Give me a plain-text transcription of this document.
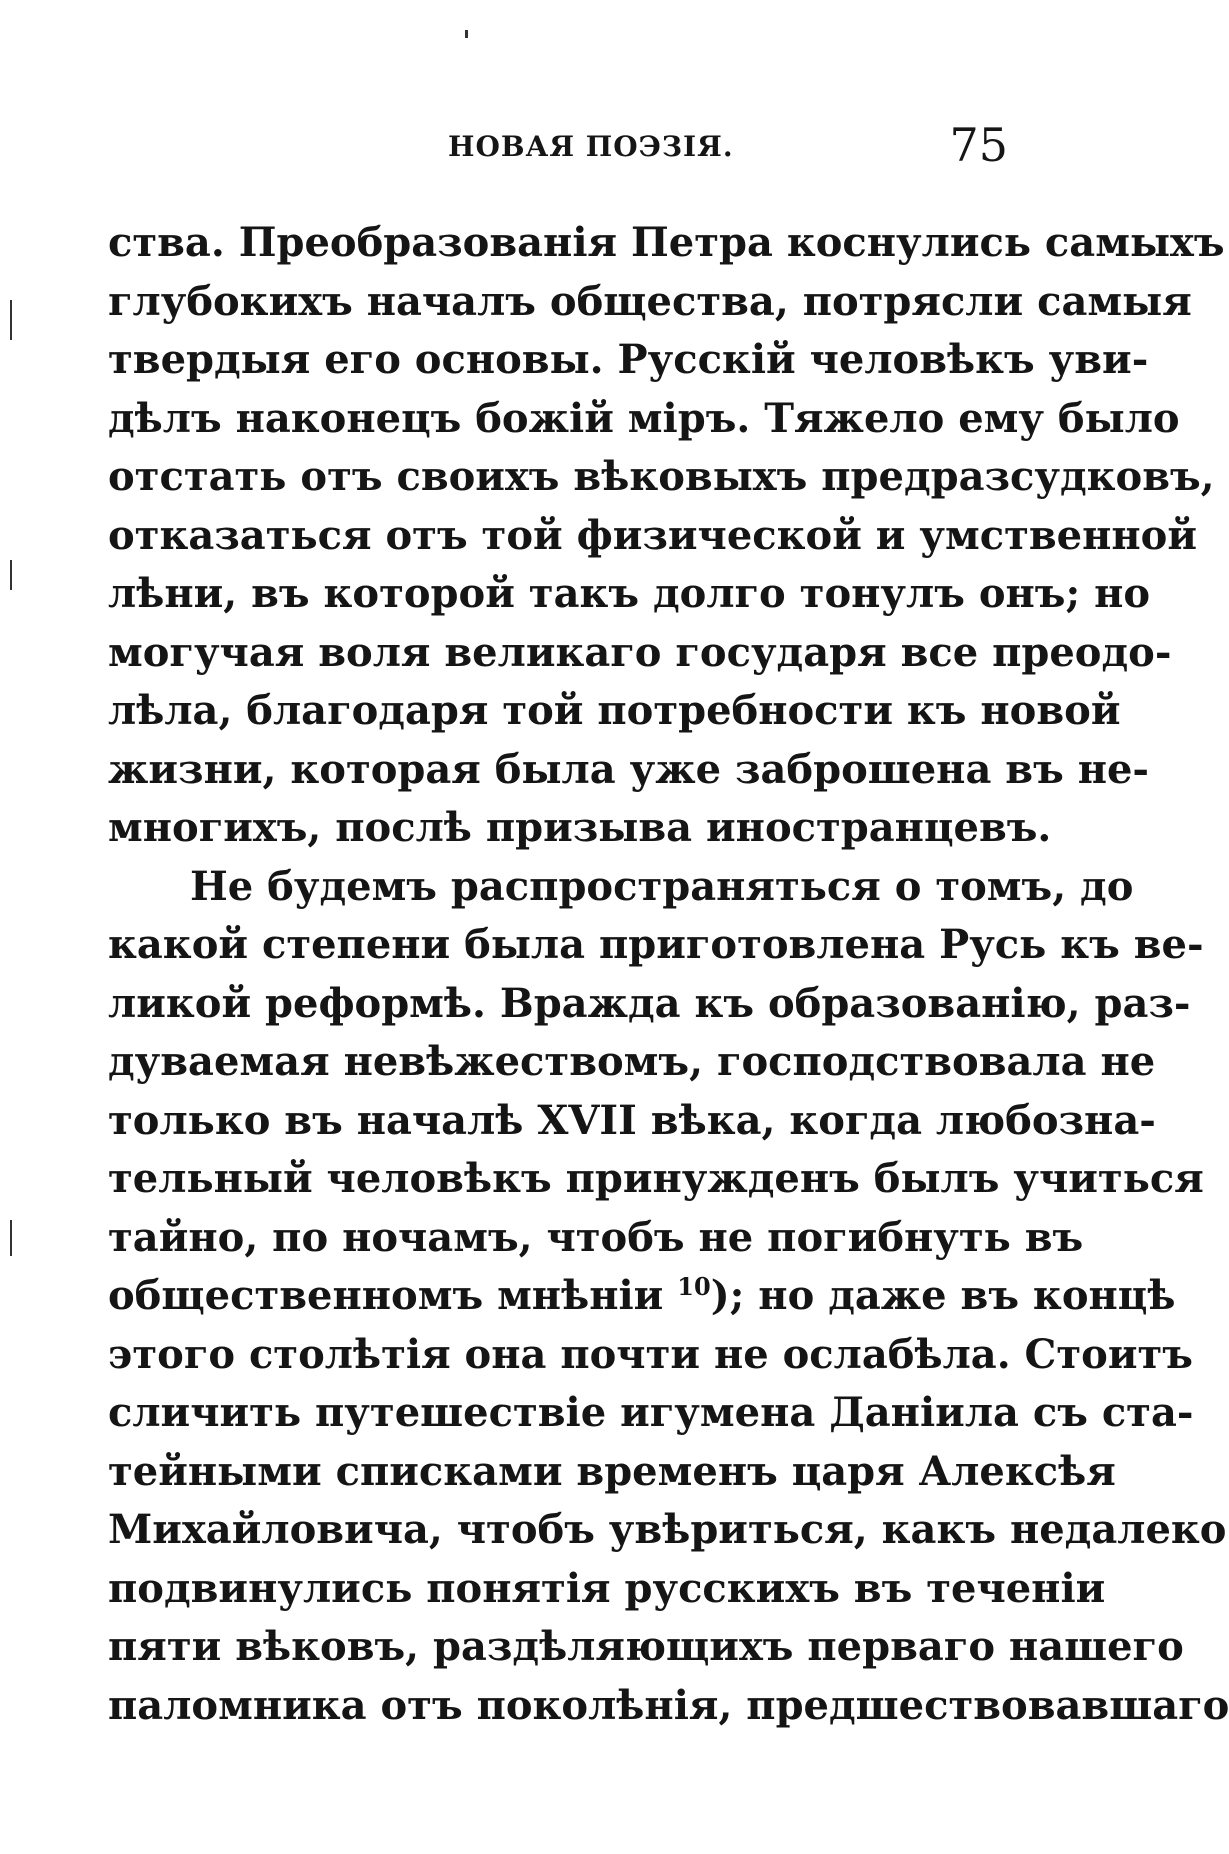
НОВАЯ ПОЭЗІЯ.	75
ства. Преобразованія Петра коснулись самыхъ
глубокихъ началъ общества, потрясли самыя
твердыя его основы. Русскій человѣкъ уви-
дѣлъ наконецъ божій міръ. Тяжело ему было
отстать отъ своихъ вѣковыхъ предразсудковъ,
отказаться отъ той физической и умственной
лѣни, въ которой такъ долго тонулъ онъ; но
могучая воля великаго государя все преодо-
лѣла, благодаря той потребности къ новой
жизни, которая была уже заброшена въ не-
многихъ, послѣ призыва иностранцевъ.
Не будемъ распространяться о томъ, до
какой степени была приготовлена Русь къ ве-
ликой реформѣ. Вражда къ образованію, раз-
дуваемая невѣжествомъ, господствовала не
только въ началѣ XVII вѣка, когда любозна-
тельный человѣкъ принужденъ былъ учиться
тайно, по ночамъ, чтобъ не погибнуть въ
общественномъ мнѣніи $^{10}$); но даже въ концѣ
этого столѣтія она почти не ослабѣла. Стоитъ
сличить путешествіе игумена Даніила съ ста-
тейными списками временъ царя Алексѣя
Михайловича, чтобъ увѣриться, какъ недалеко
подвинулись понятія русскихъ въ теченіи
пяти вѣковъ, раздѣляющихъ перваго нашего
паломника отъ поколѣнія, предшествовавшаго
